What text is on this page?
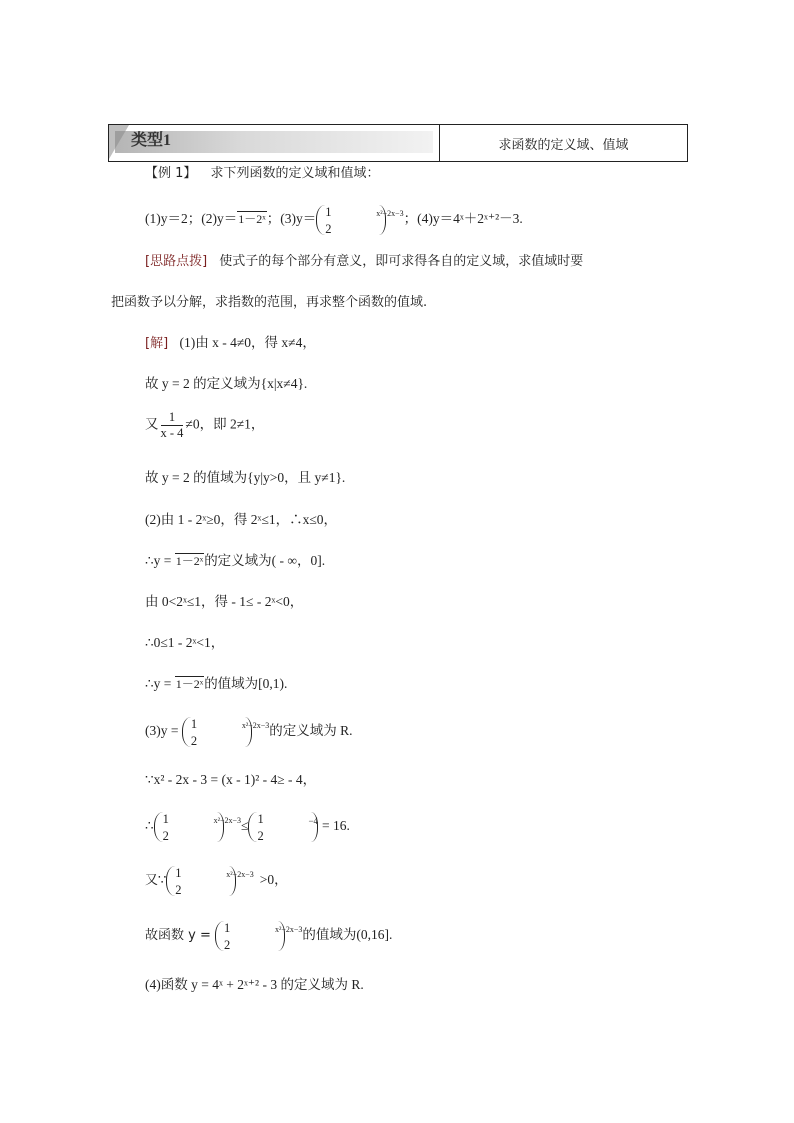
类型1	求函数的定义域、值域
【例 1】 求下列函数的定义域和值域：
(1)y＝2；(2)y＝1－2ˣ；(3)y＝ 1
2
$^{x^2-2x-3}$；(4)y＝4ˣ＋2ˣ⁺²－3.
[思路点拨] 使式子的每个部分有意义，即可求得各自的定义域，求值域时要
把函数予以分解，求指数的范围，再求整个函数的值域.
[解] (1)由 x - 4≠0，得 x≠4，
故 y = 2 的定义域为{x|x≠4}.
又 $\frac{1}{x - 4} \ne 0$，即 2≠1，
故 y = 2 的值域为{y|y>0，且 y≠1}.
(2)由 1 - 2ˣ≥0，得 2ˣ≤1，∴x≤0，
∴y = 1－2ˣ的定义域为( - ∞，0].
由 0<2ˣ≤1，得 - 1≤ - 2ˣ<0，
∴0≤1 - 2ˣ<1，
∴y = 1－2ˣ的值域为[0,1).
(3)y = 1
2
$^{x^2-2x-3}$的定义域为 R.
∵x² - 2x - 3 = (x - 1)² - 4≥ - 4，
∴ 1
2
$^{x^2-2x-3}$≤ 1
2
$^{-4}$ = 16.
又∵
1
2
$^{x^2-2x-3}$ >0，
故函数 y =
1
2
$^{x^2-2x-3}$的值域为(0,16].
(4)函数 y = 4ˣ + 2ˣ⁺² - 3 的定义域为 R.
